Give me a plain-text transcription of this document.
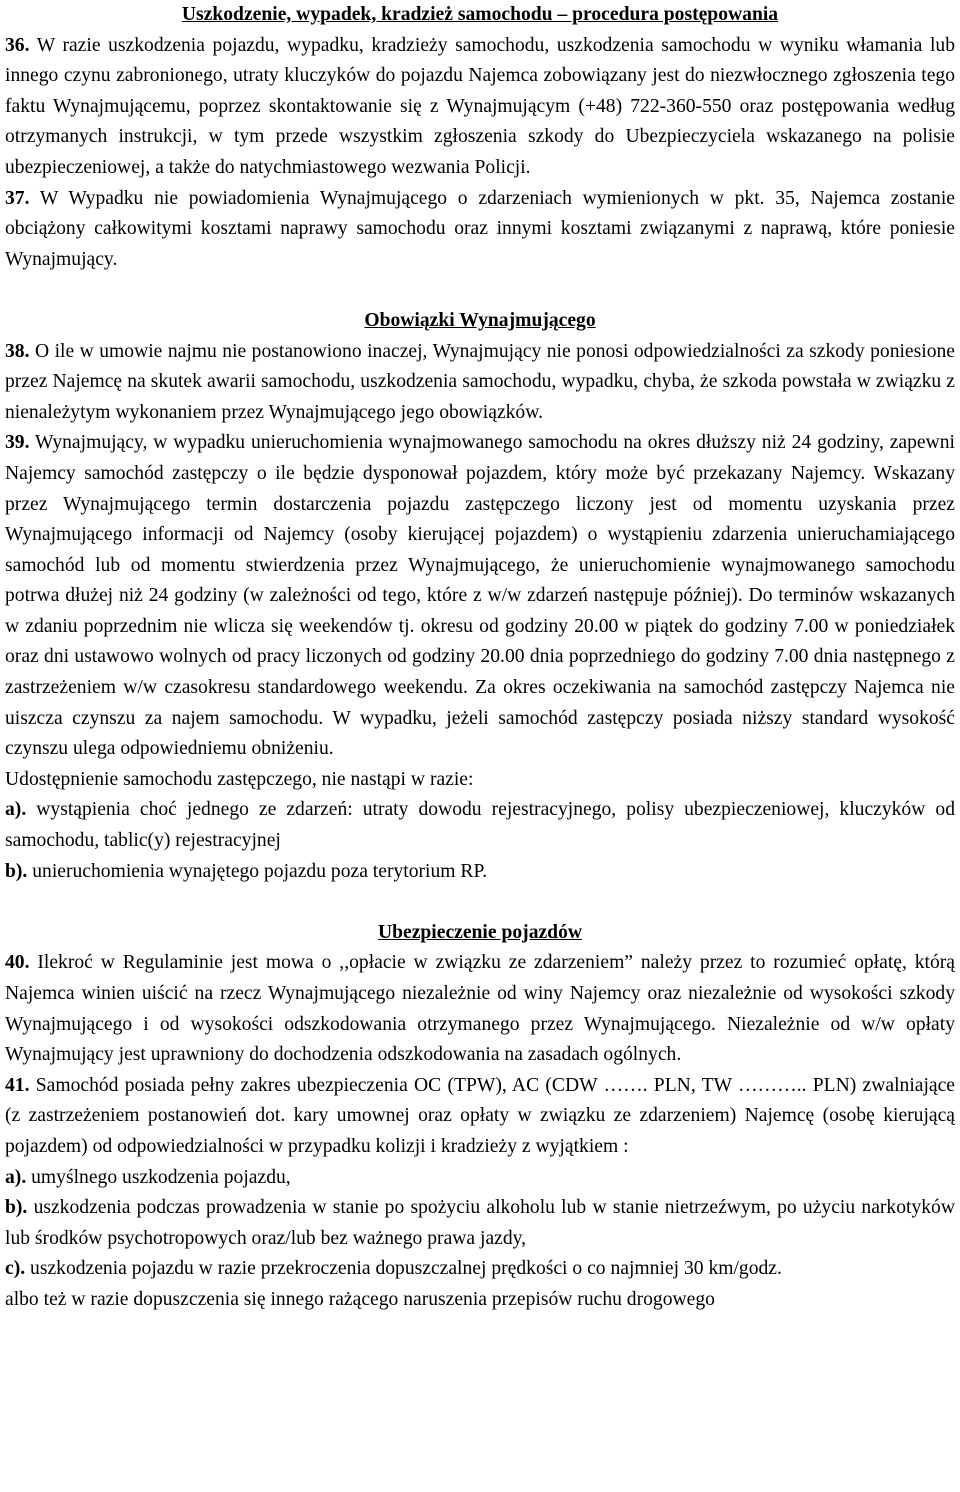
Uszkodzenie, wypadek, kradzież samochodu – procedura postępowania

36. W razie uszkodzenia pojazdu, wypadku, kradzieży samochodu, uszkodzenia samochodu w wyniku włamania lub innego czynu zabronionego, utraty kluczyków do pojazdu Najemca zobowiązany jest do niezwłocznego zgłoszenia tego faktu Wynajmującemu, poprzez skontaktowanie się z Wynajmującym (+48) 722-360-550 oraz postępowania według otrzymanych instrukcji, w tym przede wszystkim zgłoszenia szkody do Ubezpieczyciela wskazanego na polisie ubezpieczeniowej, a także do natychmiastowego wezwania Policji.

37. W Wypadku nie powiadomienia Wynajmującego o zdarzeniach wymienionych w pkt. 35, Najemca zostanie obciążony całkowitymi kosztami naprawy samochodu oraz innymi kosztami związanymi z naprawą, które poniesie Wynajmujący.

Obowiązki Wynajmującego

38. O ile w umowie najmu nie postanowiono inaczej, Wynajmujący nie ponosi odpowiedzialności za szkody poniesione przez Najemcę na skutek awarii samochodu, uszkodzenia samochodu, wypadku, chyba, że szkoda powstała w związku z nienależytym wykonaniem przez Wynajmującego jego obowiązków.

39. Wynajmujący, w wypadku unieruchomienia wynajmowanego samochodu na okres dłuższy niż 24 godziny, zapewni Najemcy samochód zastępczy o ile będzie dysponował pojazdem, który może być przekazany Najemcy. Wskazany przez Wynajmującego termin dostarczenia pojazdu zastępczego liczony jest od momentu uzyskania przez Wynajmującego informacji od Najemcy (osoby kierującej pojazdem) o wystąpieniu zdarzenia unieruchamiającego samochód lub od momentu stwierdzenia przez Wynajmującego, że unieruchomienie wynajmowanego samochodu potrwa dłużej niż 24 godziny (w zależności od tego, które z w/w zdarzeń następuje później). Do terminów wskazanych w zdaniu poprzednim nie wlicza się weekendów tj. okresu od godziny 20.00 w piątek do godziny 7.00 w poniedziałek oraz dni ustawowo wolnych od pracy liczonych od godziny 20.00 dnia poprzedniego do godziny 7.00 dnia następnego z zastrzeżeniem w/w czasokresu standardowego weekendu. Za okres oczekiwania na samochód zastępczy Najemca nie uiszcza czynszu za najem samochodu. W wypadku, jeżeli samochód zastępczy posiada niższy standard wysokość czynszu ulega odpowiedniemu obniżeniu.

Udostępnienie samochodu zastępczego, nie nastąpi w razie:

a). wystąpienia choć jednego ze zdarzeń: utraty dowodu rejestracyjnego, polisy ubezpieczeniowej, kluczyków od samochodu, tablic(y) rejestracyjnej

b). unieruchomienia wynajętego pojazdu poza terytorium RP.

Ubezpieczenie pojazdów

40. Ilekroć w Regulaminie jest mowa o ,,opłacie w związku ze zdarzeniem” należy przez to rozumieć opłatę, którą Najemca winien uiścić na rzecz Wynajmującego niezależnie od winy Najemcy oraz niezależnie od wysokości szkody Wynajmującego i od wysokości odszkodowania otrzymanego przez Wynajmującego. Niezależnie od w/w opłaty Wynajmujący jest uprawniony do dochodzenia odszkodowania na zasadach ogólnych.

41. Samochód posiada pełny zakres ubezpieczenia OC (TPW), AC (CDW ……. PLN, TW ……….. PLN) zwalniające (z zastrzeżeniem postanowień dot. kary umownej oraz opłaty w związku ze zdarzeniem) Najemcę (osobę kierującą pojazdem) od odpowiedzialności w przypadku kolizji i kradzieży z wyjątkiem :

a). umyślnego uszkodzenia pojazdu,

b). uszkodzenia podczas prowadzenia w stanie po spożyciu alkoholu lub w stanie nietrzeźwym, po użyciu narkotyków lub środków psychotropowych oraz/lub bez ważnego prawa jazdy,

c). uszkodzenia pojazdu w razie przekroczenia dopuszczalnej prędkości o co najmniej 30 km/godz.

albo też w razie dopuszczenia się innego rażącego naruszenia przepisów ruchu drogowego
